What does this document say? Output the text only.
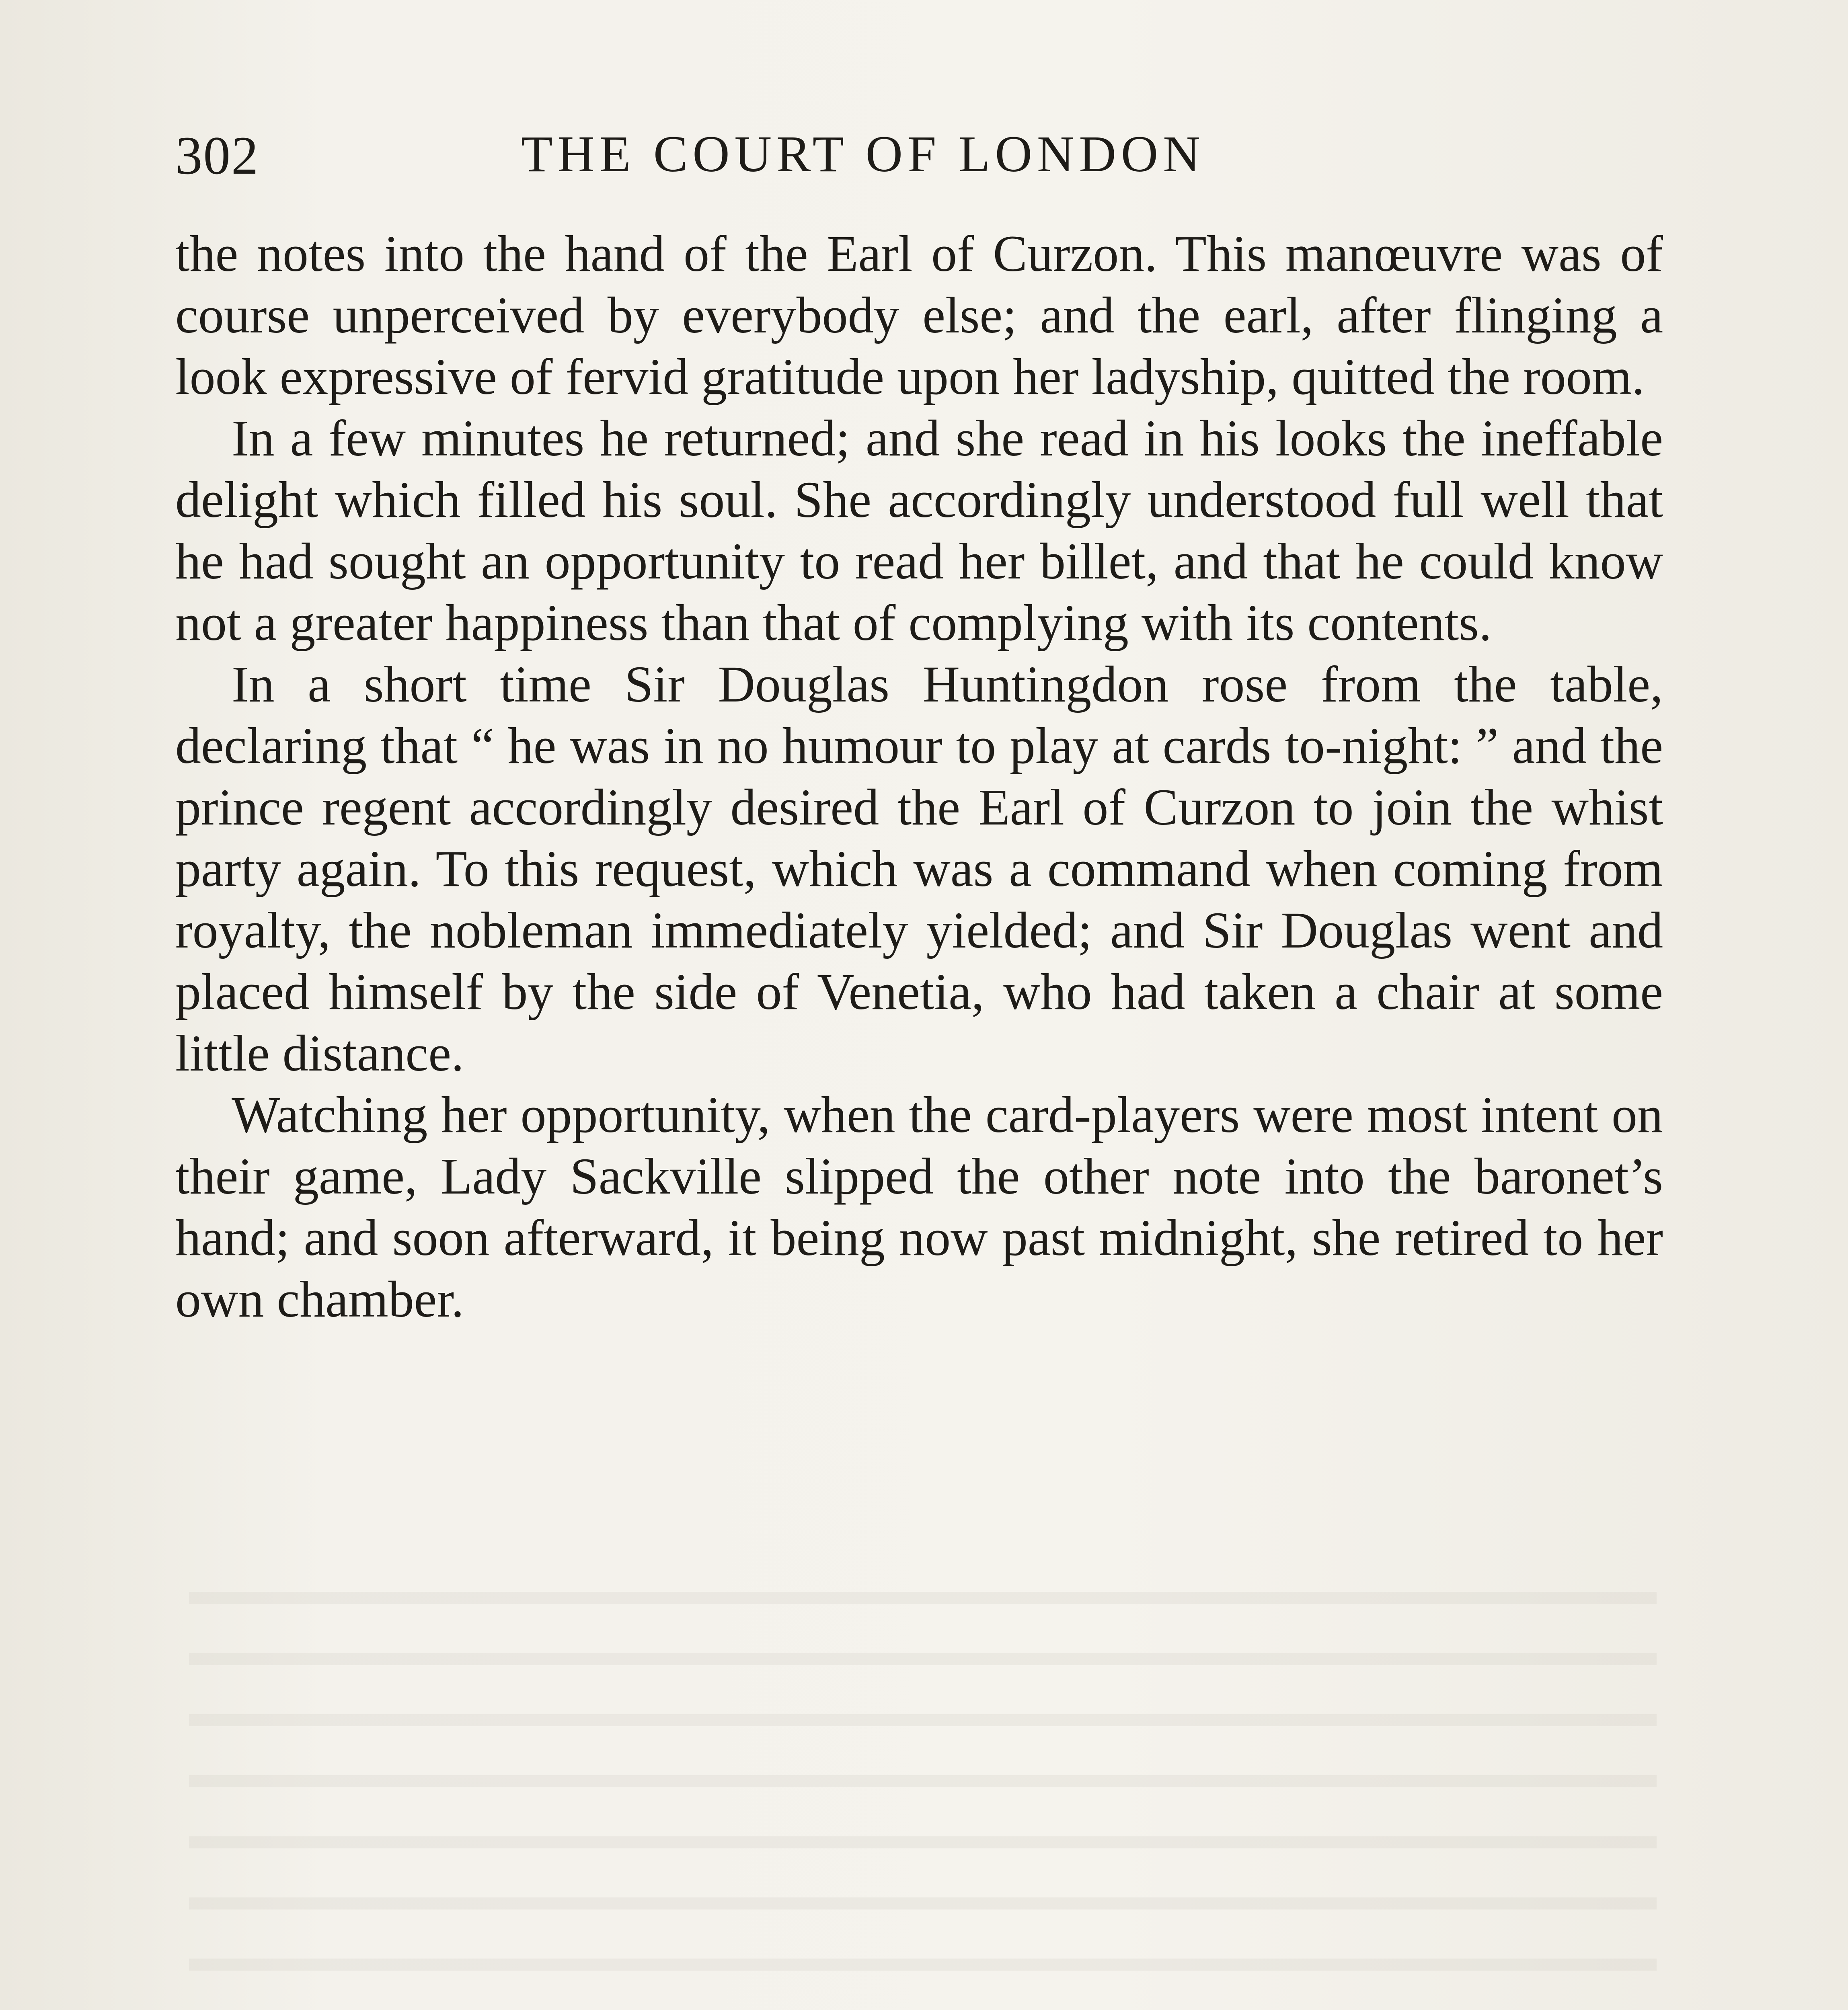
302	THE COURT OF LONDON

the notes into the hand of the Earl of Curzon. This manœuvre was of course unperceived by everybody else; and the earl, after flinging a look expressive of fervid gratitude upon her ladyship, quitted the room.

In a few minutes he returned; and she read in his looks the ineffable delight which filled his soul. She accordingly understood full well that he had sought an opportunity to read her billet, and that he could know not a greater happiness than that of complying with its contents.

In a short time Sir Douglas Huntingdon rose from the table, declaring that “ he was in no humour to play at cards to-night: ” and the prince regent accordingly desired the Earl of Curzon to join the whist party again. To this request, which was a command when coming from royalty, the nobleman immediately yielded; and Sir Douglas went and placed himself by the side of Venetia, who had taken a chair at some little distance.

Watching her opportunity, when the card-players were most intent on their game, Lady Sackville slipped the other note into the baronet’s hand; and soon afterward, it being now past midnight, she retired to her own chamber.
